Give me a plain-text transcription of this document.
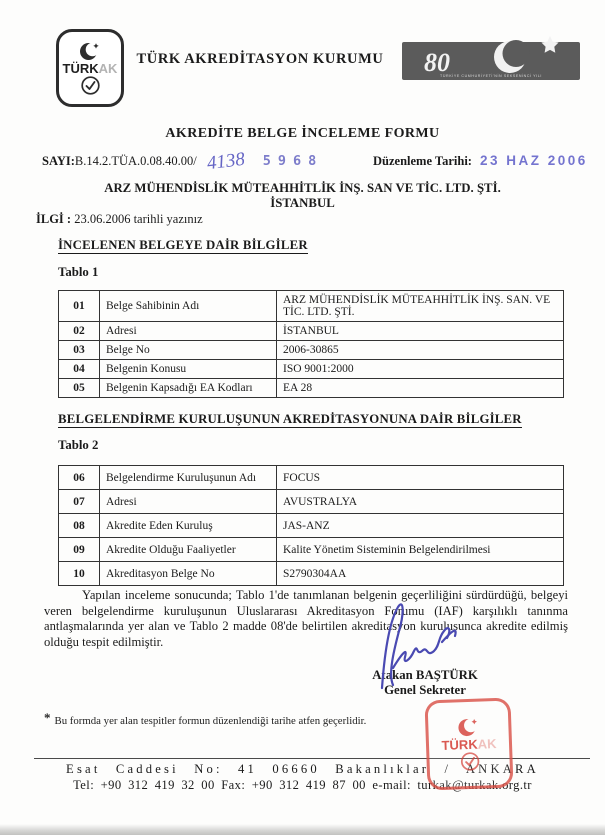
TÜRKAK
TÜRK AKREDİTASYON KURUMU	80
TÜRKİYE CUMHURİYETİ'NİN SEKSENİNCİ YILI
AKREDİTE BELGE İNCELEME FORMU
SAYI:B.14.2.TÜA.0.08.40.00/ 4138 5968	Düzenleme Tarihi: 23 HAZ 2006
ARZ MÜHENDİSLİK MÜTEAHHİTLİK İNŞ. SAN VE TİC. LTD. ŞTİ.
İSTANBUL
İLGİ : 23.06.2006 tarihli yazınız
İNCELENEN BELGEYE DAİR BİLGİLER
Tablo 1
01	Belge Sahibinin Adı	ARZ MÜHENDİSLİK MÜTEAHHİTLİK İNŞ. SAN. VE TİC. LTD. ŞTİ.
02	Adresi	İSTANBUL
03	Belge No	2006-30865
04	Belgenin Konusu	ISO 9001:2000
05	Belgenin Kapsadığı EA Kodları	EA 28
BELGELENDİRME KURULUŞUNUN AKREDİTASYONUNA DAİR BİLGİLER
Tablo 2
06	Belgelendirme Kuruluşunun Adı	FOCUS
07	Adresi	AVUSTRALYA
08	Akredite Eden Kuruluş	JAS-ANZ
09	Akredite Olduğu Faaliyetler	Kalite Yönetim Sisteminin Belgelendirilmesi
10	Akreditasyon Belge No	S2790304AA
Yapılan inceleme sonucunda; Tablo 1'de tanımlanan belgenin geçerliliğini sürdürdüğü, belgeyi veren belgelendirme kuruluşunun Uluslararası Akreditasyon Forumu (IAF) karşılıklı tanınma antlaşmalarında yer alan ve Tablo 2 madde 08'de belirtilen akreditasyon kuruluşunca akredite edilmiş olduğu tespit edilmiştir.
Atakan BAŞTÜRK
Genel Sekreter
* Bu formda yer alan tespitler formun düzenlendiği tarihe atfen geçerlidir.
TÜRKAK
Esat Caddesi No: 41 06660 Bakanlıklar / ANKARA
Tel: +90 312 419 32 00 Fax: +90 312 419 87 00 e-mail: turkak@turkak.org.tr
